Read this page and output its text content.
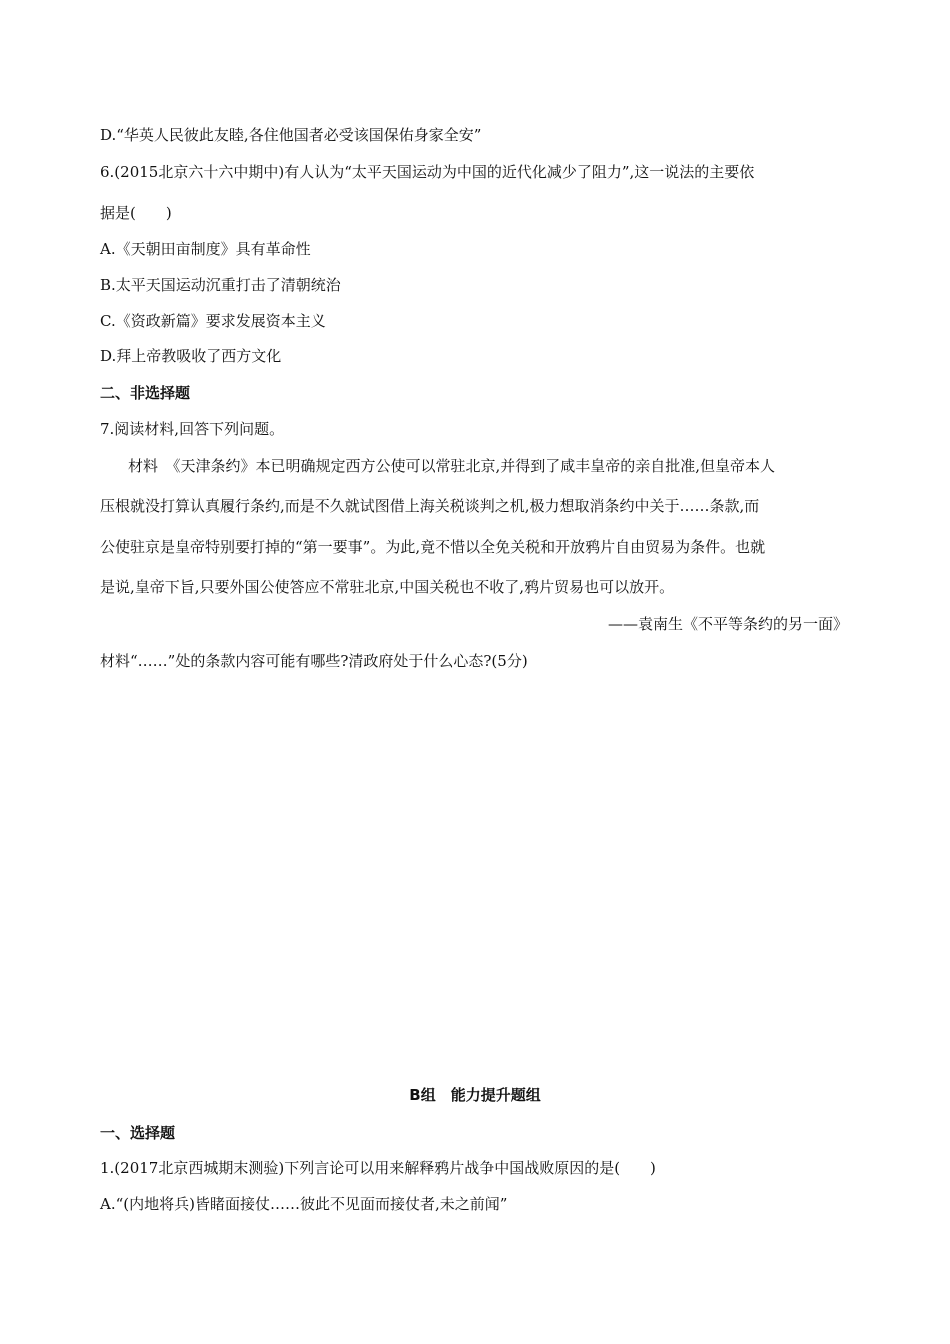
D.“华英人民彼此友睦,各住他国者必受该国保佑身家全安”
6.(2015北京六十六中期中)有人认为“太平天国运动为中国的近代化减少了阻力”,这一说法的主要依
据是(　　)
A.《天朝田亩制度》具有革命性
B.太平天国运动沉重打击了清朝统治
C.《资政新篇》要求发展资本主义
D.拜上帝教吸收了西方文化
二、非选择题
7.阅读材料,回答下列问题。
材料　《天津条约》本已明确规定西方公使可以常驻北京,并得到了咸丰皇帝的亲自批准,但皇帝本人
压根就没打算认真履行条约,而是不久就试图借上海关税谈判之机,极力想取消条约中关于……条款,而
公使驻京是皇帝特别要打掉的“第一要事”。为此,竟不惜以全免关税和开放鸦片自由贸易为条件。也就
是说,皇帝下旨,只要外国公使答应不常驻北京,中国关税也不收了,鸦片贸易也可以放开。
——袁南生《不平等条约的另一面》
材料“……”处的条款内容可能有哪些?清政府处于什么心态?(5分)
B组　能力提升题组
一、选择题
1.(2017北京西城期末测验)下列言论可以用来解释鸦片战争中国战败原因的是(　　)
A.“(内地将兵)皆睹面接仗……彼此不见面而接仗者,未之前闻”
